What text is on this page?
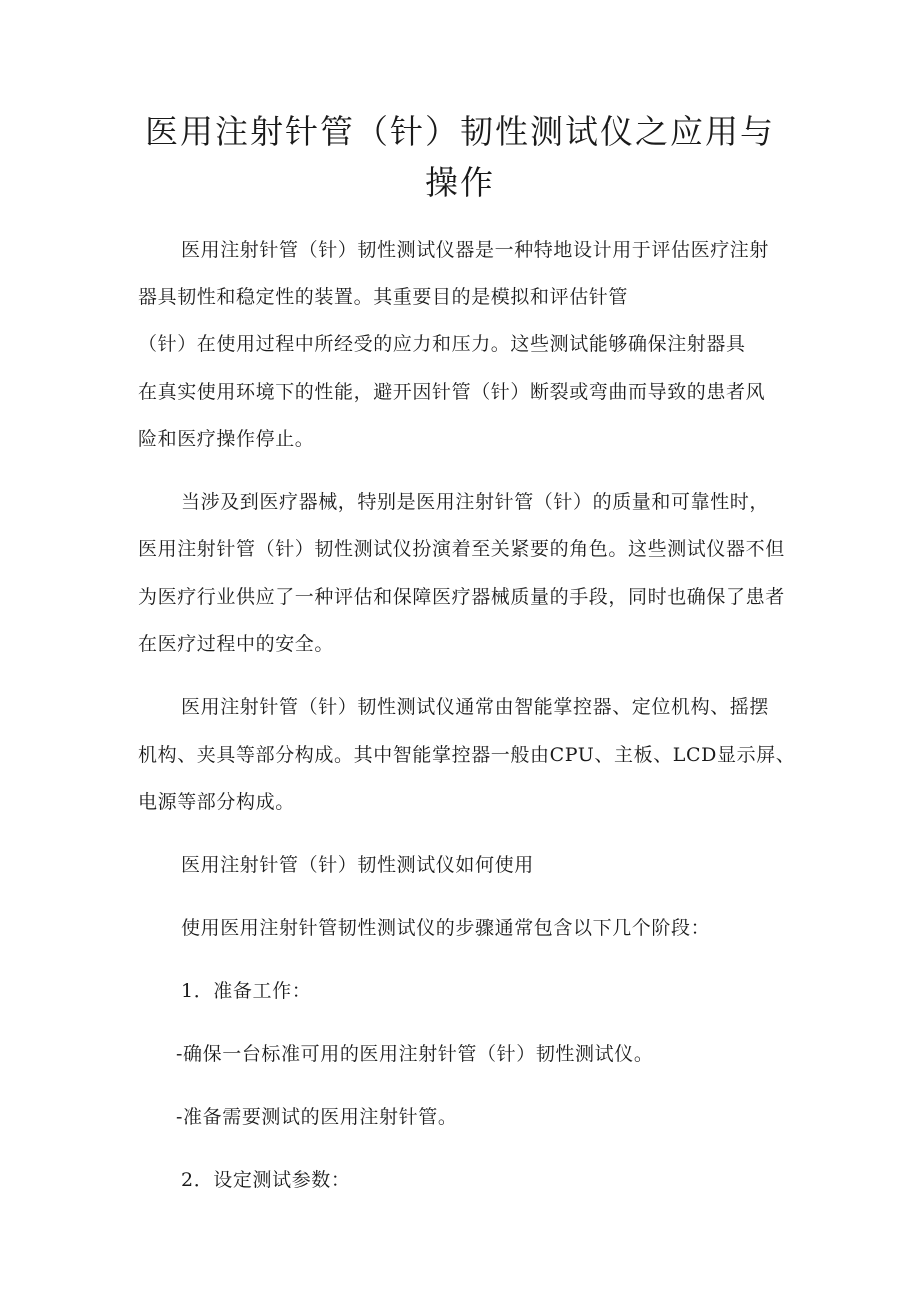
医用注射针管（针）韧性测试仪之应用与
操作
医用注射针管（针）韧性测试仪器是一种特地设计用于评估医疗注射
器具韧性和稳定性的装置。其重要目的是模拟和评估针管
（针）在使用过程中所经受的应力和压力。这些测试能够确保注射器具
在真实使用环境下的性能，避开因针管（针）断裂或弯曲而导致的患者风
险和医疗操作停止。
当涉及到医疗器械，特别是医用注射针管（针）的质量和可靠性时，
医用注射针管（针）韧性测试仪扮演着至关紧要的角色。这些测试仪器不但
为医疗行业供应了一种评估和保障医疗器械质量的手段，同时也确保了患者
在医疗过程中的安全。
医用注射针管（针）韧性测试仪通常由智能掌控器、定位机构、摇摆
机构、夹具等部分构成。其中智能掌控器一般由CPU、主板、LCD显示屏、
电源等部分构成。
医用注射针管（针）韧性测试仪如何使用
使用医用注射针管韧性测试仪的步骤通常包含以下几个阶段：
1．准备工作：
-确保一台标准可用的医用注射针管（针）韧性测试仪。
-准备需要测试的医用注射针管。
2．设定测试参数：
